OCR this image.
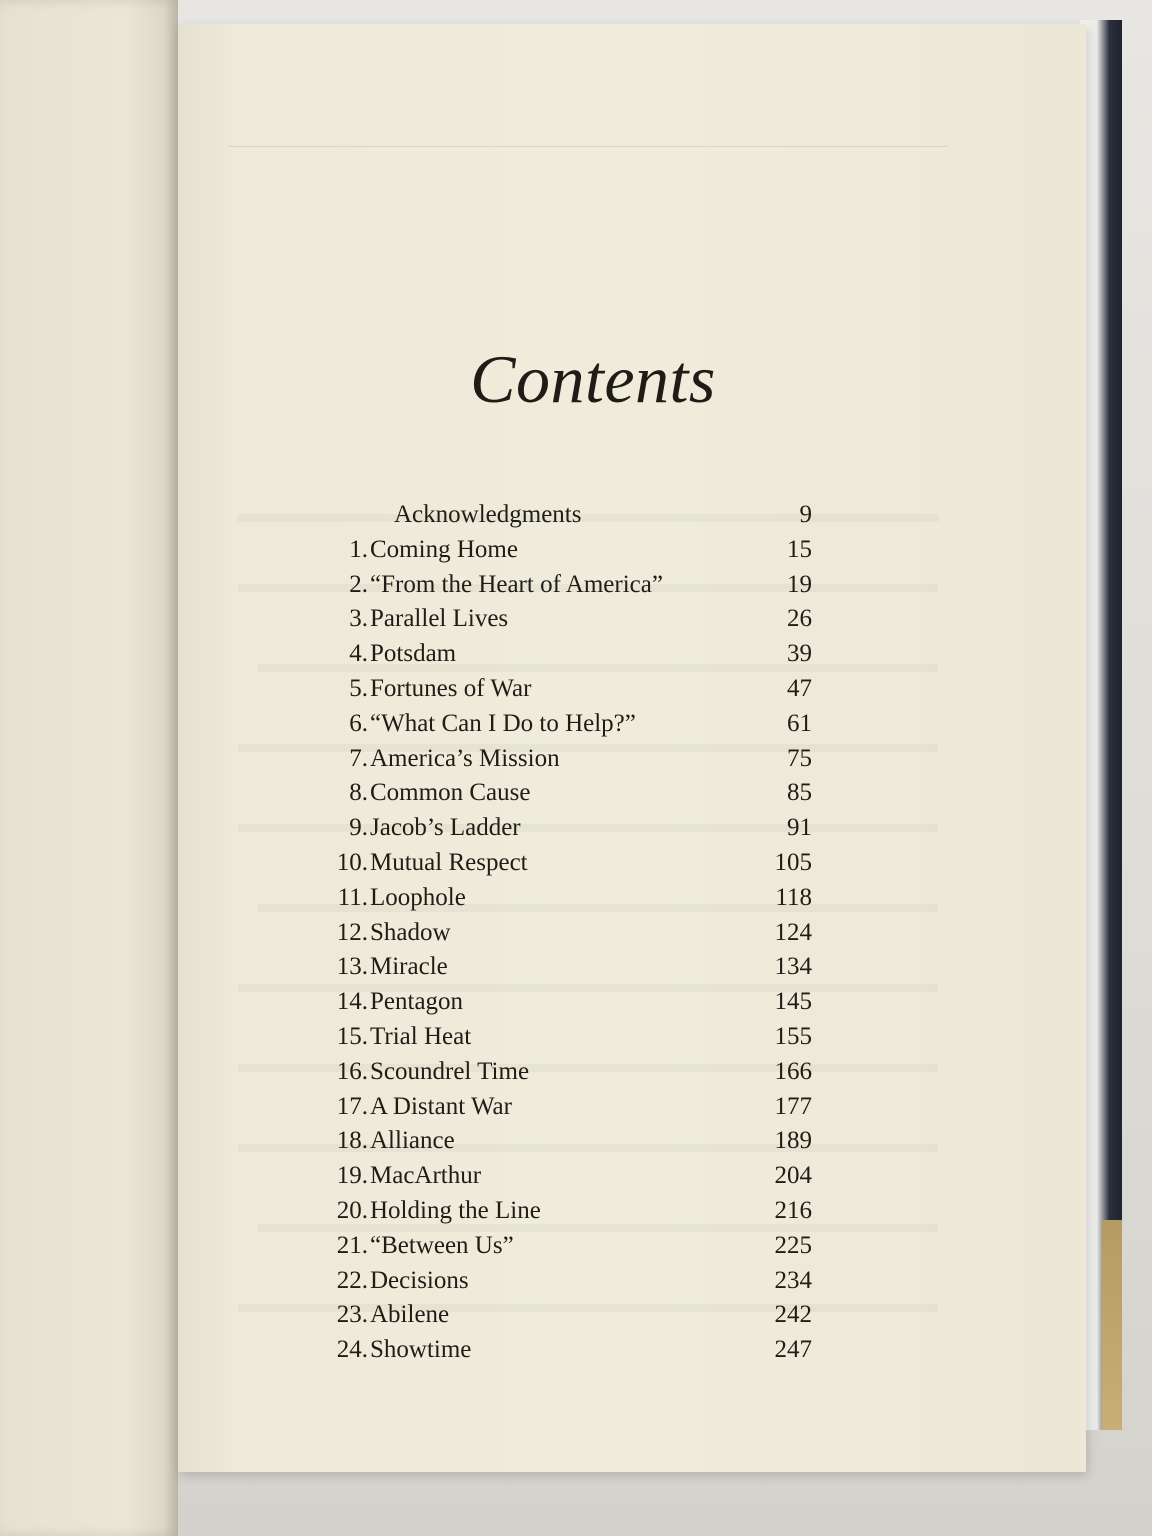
Contents
Acknowledgments	9
1. Coming Home	15
2. “From the Heart of America”	19
3. Parallel Lives	26
4. Potsdam	39
5. Fortunes of War	47
6. “What Can I Do to Help?”	61
7. America’s Mission	75
8. Common Cause	85
9. Jacob’s Ladder	91
10. Mutual Respect	105
11. Loophole	118
12. Shadow	124
13. Miracle	134
14. Pentagon	145
15. Trial Heat	155
16. Scoundrel Time	166
17. A Distant War	177
18. Alliance	189
19. MacArthur	204
20. Holding the Line	216
21. “Between Us”	225
22. Decisions	234
23. Abilene	242
24. Showtime	247
